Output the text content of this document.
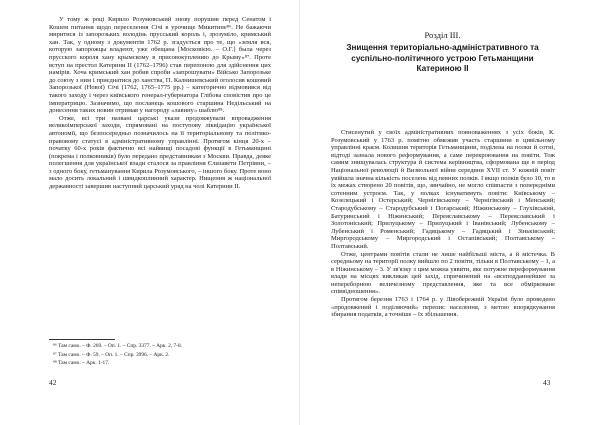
У тому ж році Кирило Розумовський знову порушив перед Сенатом і Кошем питання щодо переселення Січі в урочище Микитине⁸⁶. Не бажаючи миритися із запорозьких володінь прусський король і, зрозуміло, кримський хан. Так, у одному з документів 1762 р. згадується про те, що «земля вся, которую запорожцы владеют, уже обещана [Московією. – О.Г.] была через прусского короля хану крымскому в присовокуплению до Крыму»⁸⁷. Проте вступ на престол Катерини II (1762–1796) став перепоною для здійснення цих намірів. Хоча кримський хан робив спроби «запрошувати» Військо Запорозьке до союзу з ним і приєднатися до ханства, П. Калнишевський оголосив кошовий Запорозької (Нової) Січі (1762, 1765–1775 рр.) – категорично відмовився від такого заходу і через київського генерал-губернатора Глібова сповістив про це імператрицю. Зазначимо, що посланець кошового старшина Недільський на донесення таких новин отримав у нагороду «лавину» шаблю⁸⁸.

Отже, всі три названі царські укази продовжували впровадження великоімперської заходи, спрямовані на поступову ліквідацію української автономії, що безпосередньо позначилось на її територіальному та політико-правовому статусі в адміністративному управлінні. Протягом кінця 20-х – початку 60-х років фактично всі найвищі посадові функції в Гетьманщині (покрема і полковників) було передано представникам з Москви. Правда, деяке полегшення для української влади сталося за правління Єлизавети Петрівни, – з одного боку, гетьманування Кирила Розумовського, – іншого боку. Проте воно мало досить локальний і швидкоплинний характер. Нищення ж національної державності завершив наступний царський уряд на чолі Катерини II.

⁸⁶ Там само. – Ф. 269. – Оп. 1. – Спр. 3377. – Арк. 2, 7-8.
⁸⁷ Там само. – Ф. 59. – Оп. 1. – Спр. 3996. – Арк. 2.
⁸⁸ Там само. – Арк. 1-17.
42
Розділ ІІІ.
Знищення територіально-адміністративного та суспільно-політичного устрою Гетьманщини Катериною II

Стисенутий у своїх адміністративних повноваженнях з усіх боків, К. Розумовський у 1763 р. помітно обмежив участь старшини в цивільному управлінні краєм. Колишня територія Гетьманщини, поділена на полки й сотні, відтоді зазнала нового реформування, а саме перекроювання на повіти. Тож самим знищувалась структура й система керівництва, сформована ще в період Національної революції й Визвольної війни середини XVII ст. У кожній повіт увійшла значна кількість поселень від певних полків. І якщо полків було 10, то в їх межах створено 20 повітів, що, звичайно, не могло співпасти з попередніми сотенним устроєм. Так, у полках існуватимуть повіти: Київському – Козелецький і Остерський; Чернігівському – Чернігівський і Менський; Стародубському – Стародубський і Погарський; Ніжинському – Глухівський, Батуринський і Ніжинський; Переяславському – Переяславський і Золотоніський; Прилуцькому – Прилуцький і Іванівський; Лубенському – Лубенський і Роменський; Гадяцькому – Гадяцький і Зіньківський; Миргородському – Миргородський і Остапівський; Полтавському – Полтавський.

Отже, центрами повітів стали не лише найбільші міста, а й містечка. В середньому на території полку вийшло по 2 повіти, тільки в Полтавському – 1, а в Ніжинському – 3. У зв'язку з цим можна уявити, яке потужне переформування влади на місцях викликав цей захід, спричинений на «всеподданнейшее за непереборною величезному представлення, яке та все обмірковане співвідношення».

Протягом березня 1763 і 1764 р. у Лівобережній Україні було проведено «продовжений і поділяючий» перепис населення, з метою впорядкування збирання податків, а точніше – їх збільшення.

43
